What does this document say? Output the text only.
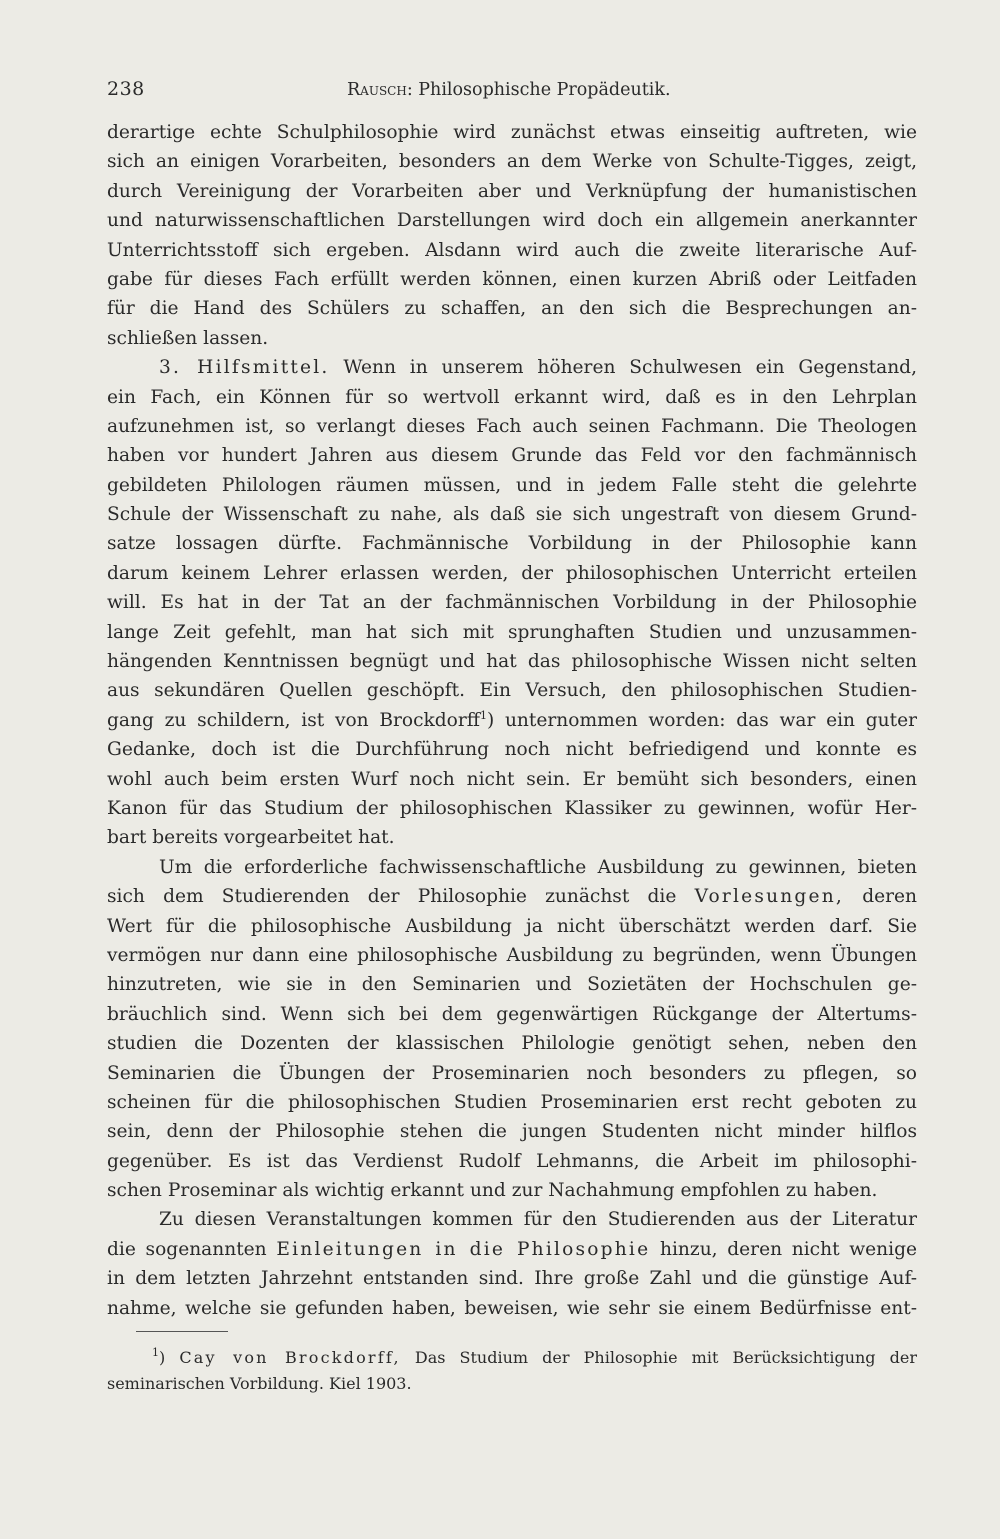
238	Rausch: Philosophische Propädeutik.
derartige echte Schulphilosophie wird zunächst etwas einseitig auftreten, wie
sich an einigen Vorarbeiten, besonders an dem Werke von Schulte-Tigges, zeigt,
durch Vereinigung der Vorarbeiten aber und Verknüpfung der humanistischen
und naturwissenschaftlichen Darstellungen wird doch ein allgemein anerkannter
Unterrichtsstoff sich ergeben. Alsdann wird auch die zweite literarische Auf-
gabe für dieses Fach erfüllt werden können, einen kurzen Abriß oder Leitfaden
für die Hand des Schülers zu schaffen, an den sich die Besprechungen an-
schließen lassen.
3. Hilfsmittel. Wenn in unserem höheren Schulwesen ein Gegenstand,
ein Fach, ein Können für so wertvoll erkannt wird, daß es in den Lehrplan
aufzunehmen ist, so verlangt dieses Fach auch seinen Fachmann. Die Theologen
haben vor hundert Jahren aus diesem Grunde das Feld vor den fachmännisch
gebildeten Philologen räumen müssen, und in jedem Falle steht die gelehrte
Schule der Wissenschaft zu nahe, als daß sie sich ungestraft von diesem Grund-
satze lossagen dürfte. Fachmännische Vorbildung in der Philosophie kann
darum keinem Lehrer erlassen werden, der philosophischen Unterricht erteilen
will. Es hat in der Tat an der fachmännischen Vorbildung in der Philosophie
lange Zeit gefehlt, man hat sich mit sprunghaften Studien und unzusammen-
hängenden Kenntnissen begnügt und hat das philosophische Wissen nicht selten
aus sekundären Quellen geschöpft. Ein Versuch, den philosophischen Studien-
gang zu schildern, ist von Brockdorff$^1$) unternommen worden: das war ein guter
Gedanke, doch ist die Durchführung noch nicht befriedigend und konnte es
wohl auch beim ersten Wurf noch nicht sein. Er bemüht sich besonders, einen
Kanon für das Studium der philosophischen Klassiker zu gewinnen, wofür Her-
bart bereits vorgearbeitet hat.
Um die erforderliche fachwissenschaftliche Ausbildung zu gewinnen, bieten
sich dem Studierenden der Philosophie zunächst die Vorlesungen, deren
Wert für die philosophische Ausbildung ja nicht überschätzt werden darf. Sie
vermögen nur dann eine philosophische Ausbildung zu begründen, wenn Übungen
hinzutreten, wie sie in den Seminarien und Sozietäten der Hochschulen ge-
bräuchlich sind. Wenn sich bei dem gegenwärtigen Rückgange der Altertums-
studien die Dozenten der klassischen Philologie genötigt sehen, neben den
Seminarien die Übungen der Proseminarien noch besonders zu pflegen, so
scheinen für die philosophischen Studien Proseminarien erst recht geboten zu
sein, denn der Philosophie stehen die jungen Studenten nicht minder hilflos
gegenüber. Es ist das Verdienst Rudolf Lehmanns, die Arbeit im philosophi-
schen Proseminar als wichtig erkannt und zur Nachahmung empfohlen zu haben.
Zu diesen Veranstaltungen kommen für den Studierenden aus der Literatur
die sogenannten Einleitungen in die Philosophie hinzu, deren nicht wenige
in dem letzten Jahrzehnt entstanden sind. Ihre große Zahl und die günstige Auf-
nahme, welche sie gefunden haben, beweisen, wie sehr sie einem Bedürfnisse ent-
$^1$) Cay von Brockdorff, Das Studium der Philosophie mit Berücksichtigung der
seminarischen Vorbildung. Kiel 1903.
